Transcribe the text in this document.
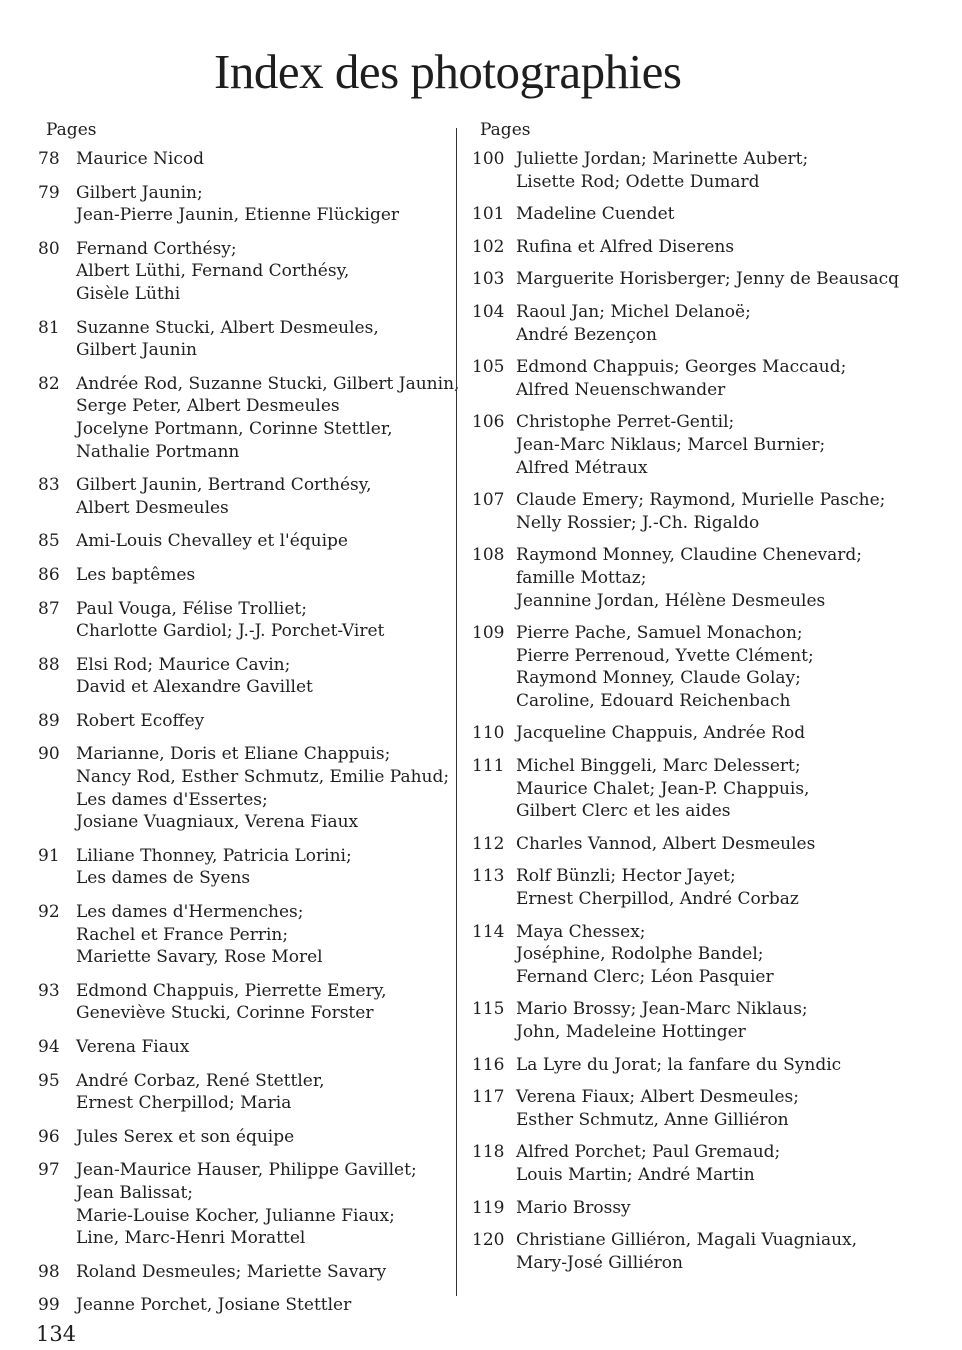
Index des photographies
Pages
78 Maurice Nicod
79 Gilbert Jaunin;
Jean-Pierre Jaunin, Etienne Flückiger
80 Fernand Corthésy;
Albert Lüthi, Fernand Corthésy,
Gisèle Lüthi
81 Suzanne Stucki, Albert Desmeules,
Gilbert Jaunin
82 Andrée Rod, Suzanne Stucki, Gilbert Jaunin,
Serge Peter, Albert Desmeules
Jocelyne Portmann, Corinne Stettler,
Nathalie Portmann
83 Gilbert Jaunin, Bertrand Corthésy,
Albert Desmeules
85 Ami-Louis Chevalley et l'équipe
86 Les baptêmes
87 Paul Vouga, Félise Trolliet;
Charlotte Gardiol; J.-J. Porchet-Viret
88 Elsi Rod; Maurice Cavin;
David et Alexandre Gavillet
89 Robert Ecoffey
90 Marianne, Doris et Eliane Chappuis;
Nancy Rod, Esther Schmutz, Emilie Pahud;
Les dames d'Essertes;
Josiane Vuagniaux, Verena Fiaux
91 Liliane Thonney, Patricia Lorini;
Les dames de Syens
92 Les dames d'Hermenches;
Rachel et France Perrin;
Mariette Savary, Rose Morel
93 Edmond Chappuis, Pierrette Emery,
Geneviève Stucki, Corinne Forster
94 Verena Fiaux
95 André Corbaz, René Stettler,
Ernest Cherpillod; Maria
96 Jules Serex et son équipe
97 Jean-Maurice Hauser, Philippe Gavillet;
Jean Balissat;
Marie-Louise Kocher, Julianne Fiaux;
Line, Marc-Henri Morattel
98 Roland Desmeules; Mariette Savary
99 Jeanne Porchet, Josiane Stettler
Pages
100 Juliette Jordan; Marinette Aubert;
Lisette Rod; Odette Dumard
101 Madeline Cuendet
102 Rufina et Alfred Diserens
103 Marguerite Horisberger; Jenny de Beausacq
104 Raoul Jan; Michel Delanoë;
André Bezençon
105 Edmond Chappuis; Georges Maccaud;
Alfred Neuenschwander
106 Christophe Perret-Gentil;
Jean-Marc Niklaus; Marcel Burnier;
Alfred Métraux
107 Claude Emery; Raymond, Murielle Pasche;
Nelly Rossier; J.-Ch. Rigaldo
108 Raymond Monney, Claudine Chenevard;
famille Mottaz;
Jeannine Jordan, Hélène Desmeules
109 Pierre Pache, Samuel Monachon;
Pierre Perrenoud, Yvette Clément;
Raymond Monney, Claude Golay;
Caroline, Edouard Reichenbach
110 Jacqueline Chappuis, Andrée Rod
111 Michel Binggeli, Marc Delessert;
Maurice Chalet; Jean-P. Chappuis,
Gilbert Clerc et les aides
112 Charles Vannod, Albert Desmeules
113 Rolf Bünzli; Hector Jayet;
Ernest Cherpillod, André Corbaz
114 Maya Chessex;
Joséphine, Rodolphe Bandel;
Fernand Clerc; Léon Pasquier
115 Mario Brossy; Jean-Marc Niklaus;
John, Madeleine Hottinger
116 La Lyre du Jorat; la fanfare du Syndic
117 Verena Fiaux; Albert Desmeules;
Esther Schmutz, Anne Gilliéron
118 Alfred Porchet; Paul Gremaud;
Louis Martin; André Martin
119 Mario Brossy
120 Christiane Gilliéron, Magali Vuagniaux,
Mary-José Gilliéron
134
